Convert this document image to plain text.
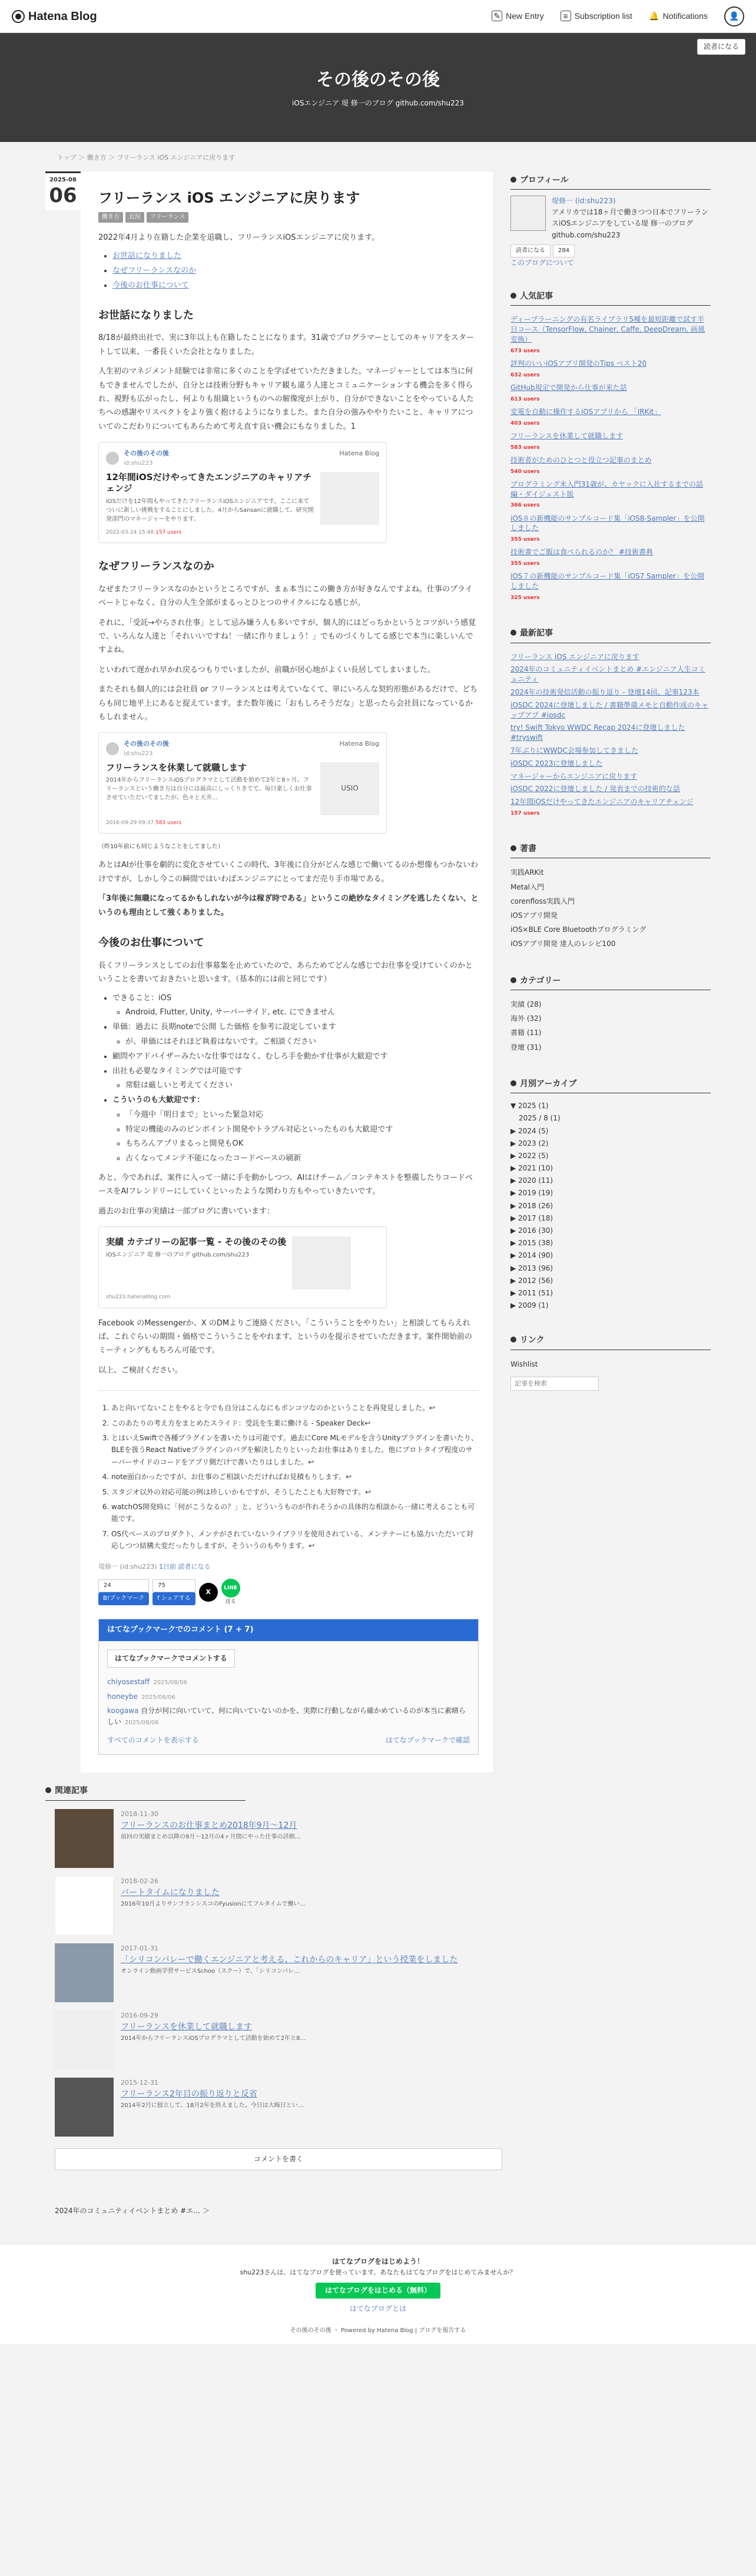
Hatena Blog	✎ New Entry	≡ Subscription list 🔔 Notifications	👤
読者になる
その後のその後
iOSエンジニア 堤 修一のブログ github.com/shu223
トップ ＞ 働き方 ＞ フリーランス iOS エンジニアに戻ります
2025-08
06 フリーランス iOS エンジニアに戻ります
働き方	近況	フリーランス

2022年4月より在籍した企業を退職し、フリーランスiOSエンジニアに戻ります。

• お世話になりました
• なぜフリーランスなのか
• 今後のお仕事について
お世話になりました

8/18が最終出社で、実に3年以上も在籍したことになります。31歳でプログラマーとしてのキャリアをスタートして以来、一番長くいた会社となりました。

人生初のマネジメント経験では非常に多くのことを学ばせていただきました。マネージャーとしては本当に何もできませんでしたが、自分とは技術分野もキャリア観も違う人達とコミュニケーションする機会を多く得られ、視野も広がったし、何よりも組織というものへの解像度が上がり、自分ができないことをやっている人たちへの感謝やリスペクトをより強く抱けるようになりました。また自分の強みややりたいこと、キャリアについてのこだわりについてもあらためて考え直す良い機会にもなりました。1

その後のその後
id:shu223
Hatena Blog
12年間iOSだけやってきたエンジニアのキャリアチェンジ
iOSだけを12年間もやってきたフリーランスiOSエンジニアです。ここに来てついに新しい挑戦をすることにしました。4月からSansanに就職して、研究開発部門のマネージャーをやります。
2022-03-24 15:48 157 users
なぜフリーランスなのか

なぜまたフリーランスなのかというところですが、まぁ本当にこの働き方が好きなんですよね。仕事のプライベートじゃなく、自分の人生全部がまるっとひとつのサイクルになる感じが。

それに、「受託→やらされ仕事」として忌み嫌う人も多いですが、個人的にはどっちかというとコツがいう感覚で、いろんな人達と「それいいですね！一緒に作りましょう！」でものづくりしてる感じで本当に楽しいんですよね。

といわれて遅かれ早かれ戻るつもりでいましたが、前職が居心地がよくい長居してしまいました。

またそれも個人的には会社員 or フリーランスとは考えていなくて、単にいろんな契約形態があるだけで、どちらも同じ地平上にあると捉えています。また数年後に「おもしろそうだな」と思ったら会社員になっているかもしれません。

その後のその後
id:shu223
Hatena Blog
フリーランスを休業して就職します
2014年からフリーランスiOSプログラマとして活動を始めて2年と8ヶ月。フリーランスという働き方は自分には最高にしっくりきてて、毎日楽しくお仕事させていただいてましたが、色々と天井…
USIO
2016-09-29 09:37 583 users

（昨10年前にも同じようなことをしてました）

あとはAIが仕事を劇的に変化させていくこの時代、3年後に自分がどんな感じで働いてるのか想像もつかないわけですが、しかし今この瞬間ではいわばエンジニアにとってまだ売り手市場である。

「3年後に無職になってるかもしれないが今は稼ぎ時である」というこの絶妙なタイミングを逃したくない、というのも理由として強くありました。

今後のお仕事について

長くフリーランスとしてのお仕事募集を止めていたので、あらためてどんな感じでお仕事を受けていくのかということを書いておきたいと思います。（基本的には前と同じです）

• できること：iOS
◦ Android, Flutter, Unity, サーバーサイド, etc. にできません
• 単価：過去に 長期noteで公開 した価格 を参考に設定しています
◦ が、単価にはそれほど執着はないです。ご相談ください
• 顧問やアドバイザーみたいな仕事ではなく、むしろ手を動かす仕事が大歓迎です
• 出社も必要なタイミングでは可能です
◦ 常駐は厳しいと考えてください
• こういうのも大歓迎です：
◦ 「今週中「明日まで」といった緊急対応
◦ 特定の機能のみのピンポイント開発やトラブル対応といったものも大歓迎です
◦ もちろんアプリまるっと開発もOK
◦ 古くなってメンテ不能になったコードベースの刷新

あと、今であれば、案件に入って一緒に手を動かしつつ、AIはけチーム／コンテキストを整備したりコードベースをAIフレンドリーにしていくといったような関わり方もやっていきたいです。

過去のお仕事の実績は一部ブログに書いています：

実績 カテゴリーの記事一覧 - その後のその後
iOSエンジニア 堤 修一のブログ github.com/shu223
shu223.hatenablog.com

Facebook のMessengerか、X のDMよりご連絡ください。「こういうことをやりたい」と相談してもらえれば、これぐらいの期間・価格でこういうことをやれます、というのを提示させていただきます。案件開始前のミーティングももちろん可能です。

以上、ご検討ください。

1. あと向いてないことをやると今でも自分はこんなにもポンコツなのかということを再発見しました。↩
2. このあたりの考え方をまとめたスライド：受託を生業に働ける - Speaker Deck↩
3. とはいえSwiftで各種プラグインを書いたりは可能です。過去にCore MLモデルを含うUnityプラグインを書いたり、BLEを扱うReact Nativeプラグインのバグを解決したりといったお仕事はありました。他にプロトタイプ程度のサーバーサイドのコードをアプリ側だけで書いたりはしました。↩
4. note面白かったですが、お仕事のご相談いただければお見積もりします。↩
5. スタジオ以外の対応可能の例は珍しいかもですが、そうしたことも大好物です。↩
6. watchOS開発時に「何がこうなるの？」と、どういうものが作れそうかの具体的な相談から一緒に考えることも可能です。
7. OS代ペースのプロダクト、メンテがされていないライブラリを使用されている、メンテナーにも協力いただいて対応しつつ結構大変だったりしますが、そういうのもやります。↩
堤修一 (id:shu223) 1日前 読者になる
24
B!ブックマーク
75
f シェアする
X
LINE
送る
はてなブックマークでのコメント (7 + 7)
はてなブックマークでコメントする
chiyosestaff 2025/08/06
honeybe 2025/08/06
koogawa 自分が何に向いていて、何に向いていないのかを、実際に行動しながら確かめているのが本当に素晴らしい 2025/08/06
すべてのコメントを表示する	はてなブックマークで確認
関連記事
2018-11-30
フリーランスのお仕事まとめ2018年9月〜12月
前回の実績まとめ以降の9月〜12月の4ヶ月間にやった仕事の詳細…
2018-02-26
パートタイムになりました
2016年10月よりサンフランシスコのFyusionにてフルタイムで働い…
2017-01-31
「シリコンバレーで働くエンジニアと考える、これからのキャリア」という授業をしました
オンライン動画学習サービスSchoo（スクー）で、「シリコンバレ…
2016-09-29
フリーランスを休業して就職します
2014年からフリーランスiOSプログラマとして活動を始めて2年と8…
2015-12-31
フリーランス2年目の振り返りと反省
2014年2月に独立して、18月2年を終えました。今日は大晦日とい…
コメントを書く
2024年のコミュニティイベントまとめ #エ… ＞
プロフィール
堤修一 (id:shu223)
アメリカでは18ヶ月で働きつつ日本でフリーランスiOSエンジニアをしている堤 修一のブログ github.com/shu223
読者になる	284
このブログについて
人気記事
ディープラーニングの有名ライブラリ5種を最短距離で試す半日コース（TensorFlow, Chainer, Caffe, DeepDream, 画風変換）
673 users
評判のいいiOSアプリ開発のTips ベスト20
632 users
GitHub規定で開発から仕事が来た話
613 users
変電を自動に操作するiOSアプリから 「IRKit」
403 users
フリーランスを休業して就職します
583 users
技術者がためのひとつと役立つ記事のまとめ
540 users
プログラミング未入門31歳が、カヤックに入社するまでの話編・ダイジェスト版
366 users
iOS８の新機能のサンプルコード集「iOS8-Sampler」を公開しました
355 users
技術書でご飯は食べられるのか？ #技術書典
355 users
iOS７の新機能のサンプルコード集「iOS7 Sampler」を公開しました
325 users
最新記事
フリーランス iOS エンジニアに戻ります
2024年のコミュニティイベントまとめ #エンジニア人生コミュニティ
2024年の技術発信活動の振り返り - 登壇14回、記事123本
iOSDC 2024に登壇しました / 書籍準備メモと自動作成のキャップアプ #iosdc
try! Swift Tokyo WWDC Recap 2024に登壇しました #tryswift
7年ぶりにWWDC会場参加してきました
iOSDC 2023に登壇しました
マネージャーからエンジニアに戻ります
iOSDC 2022に登壇しました / 発表までの技術的な話
12年間iOSだけやってきたエンジニアのキャリアチェンジ
157 users
著書
実践ARKit
Metal入門
corenfloss実践入門
iOSアプリ開発
iOS×BLE Core Bluetoothプログラミング
iOSアプリ開発 達人のレシピ100
カテゴリー
実績 (28)
海外 (32)
書籍 (11)
登壇 (31)
月別アーカイブ
▼ 2025 (1)
2025 / 8 (1)
▶ 2024 (5)
▶ 2023 (2)
▶ 2022 (5)
▶ 2021 (10)
▶ 2020 (11)
▶ 2019 (19)
▶ 2018 (26)
▶ 2017 (18)
▶ 2016 (30)
▶ 2015 (38)
▶ 2014 (90)
▶ 2013 (96)
▶ 2012 (56)
▶ 2011 (51)
▶ 2009 (1)
リンク
Wishlist
記事を検索
はてなブログをはじめよう！
shu223さんは、はてなブログを使っています。あなたもはてなブログをはじめてみませんか？
はてなブログをはじめる（無料）
はてなブログとは
その後のその後 ・ Powered by Hatena Blog | ブログを報告する
